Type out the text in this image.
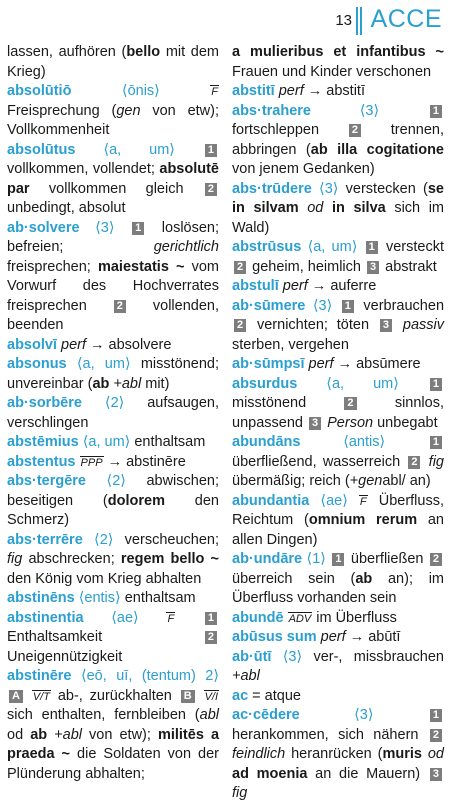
13 ACCE

lassen, aufhören (bello mit dem Krieg)

absolūtiō	⟨ōnis⟩	F Freisprechung (gen von etw); Vollkommenheit

absolūtus ⟨a, um⟩	1 vollkommen, vollendet; absolutē par vollkommen gleich 2 unbedingt, absolut

ab·solvere ⟨3⟩ 1 loslösen; befreien; gerichtlich freisprechen; maiestatis ~ vom Vorwurf des Hochverrates freisprechen 2 vollenden, beenden

absolvī perf → absolvere

absonus ⟨a, um⟩ misstönend; unvereinbar (ab +abl mit)

ab·sorbēre ⟨2⟩ aufsaugen, verschlingen

abstēmius ⟨a, um⟩ enthaltsam

abstentus PPP → abstinēre

abs·tergēre ⟨2⟩ abwischen; beseitigen (dolorem den Schmerz)

abs·terrēre ⟨2⟩ verscheuchen; fig abschrecken; regem bello ~ den König vom Krieg abhalten

abstinēns ⟨entis⟩ enthaltsam

abstinentia ⟨ae⟩	F	1 Enthaltsamkeit 2 Uneigennützigkeit

abstinēre ⟨eō, uī, (tentum) 2⟩ A V/T ab-, zurückhalten B V/I sich enthalten, fernbleiben (abl od ab +abl von etw); militēs a praeda ~ die Soldaten von der Plünderung abhalten;

a mulieribus et infantibus ~ Frauen und Kinder verschonen

abstitī perf → abstitī

abs·trahere	⟨3⟩	1 fortschleppen 2 trennen, abbringen (ab illa cogitatione von jenem Gedanken)

abs·trūdere ⟨3⟩ verstecken (se in silvam od in silva sich im Wald)

abstrūsus ⟨a, um⟩ 1 versteckt 2 geheim, heimlich 3 abstrakt

abstulī perf → auferre

ab·sūmere ⟨3⟩ 1 verbrauchen 2 vernichten; töten 3 passiv sterben, vergehen

ab·sūmpsī perf → absūmere

absurdus ⟨a, um⟩	1 misstönend 2 sinnlos, unpassend 3 Person unbegabt

abundāns	⟨antis⟩	1 überfließend, wasserreich 2 fig übermäßig; reich (+genabl/ an)

abundantia ⟨ae⟩ F Überfluss, Reichtum (omnium rerum an allen Dingen)

ab·undāre ⟨1⟩ 1 überfließen 2 überreich sein (ab an); im Überfluss vorhanden sein

abundē ADV im Überfluss

abūsus sum perf → abūtī

ab·ūtī ⟨3⟩ ver-, missbrauchen +abl

ac = atque

ac·cēdere	⟨3⟩	1 herankommen, sich nähern 2 feindlich heranrücken (muris od ad moenia an die Mauern) 3 fig
